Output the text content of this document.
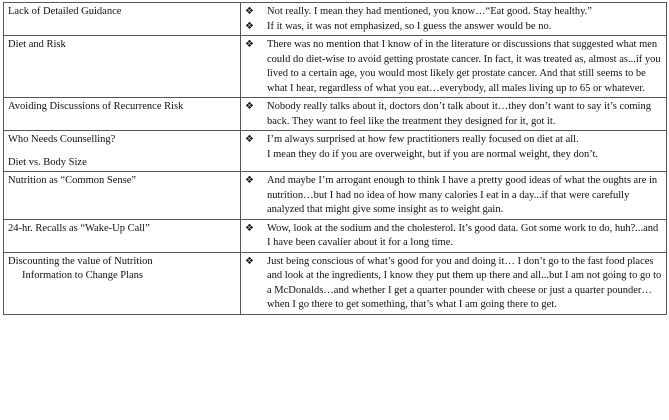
Lack of Detailed Guidance	❖ Not really. I mean they had mentioned, you know…“Eat good. Stay healthy.”
❖ If it was, it was not emphasized, so I guess the answer would be no.

Diet and Risk	❖ There was no mention that I know of in the literature or discussions that suggested what men could do diet-wise to avoid getting prostate cancer. In fact, it was treated as, almost as...if you lived to a certain age, you would most likely get prostate cancer. And that still seems to be what I hear, regardless of what you eat…everybody, all males living up to 65 or whatever.

Avoiding Discussions of Recurrence Risk	❖ Nobody really talks about it, doctors don’t talk about it…they don’t want to say it’s coming back. They want to feel like the treatment they designed for it, got it.

Who Needs Counselling?
Diet vs. Body Size	❖ I’m always surprised at how few practitioners really focused on diet at all.
I mean they do if you are overweight, but if you are normal weight, they don’t.

Nutrition as “Common Sense”	❖ And maybe I’m arrogant enough to think I have a pretty good ideas of what the oughts are in nutrition…but I had no idea of how many calories I eat in a day...if that were carefully analyzed that might give some insight as to weight gain.

24-hr. Recalls as “Wake-Up Call”	❖ Wow, look at the sodium and the cholesterol. It’s good data. Got some work to do, huh?...and I have been cavalier about it for a long time.

Discounting the value of Nutrition
Information to Change Plans	❖ Just being conscious of what’s good for you and doing it… I don’t go to the fast food places and look at the ingredients, I know they put them up there and all...but I am not going to go to a McDonalds…and whether I get a quarter pounder with cheese or just a quarter pounder…when I go there to get something, that’s what I am going there to get.
